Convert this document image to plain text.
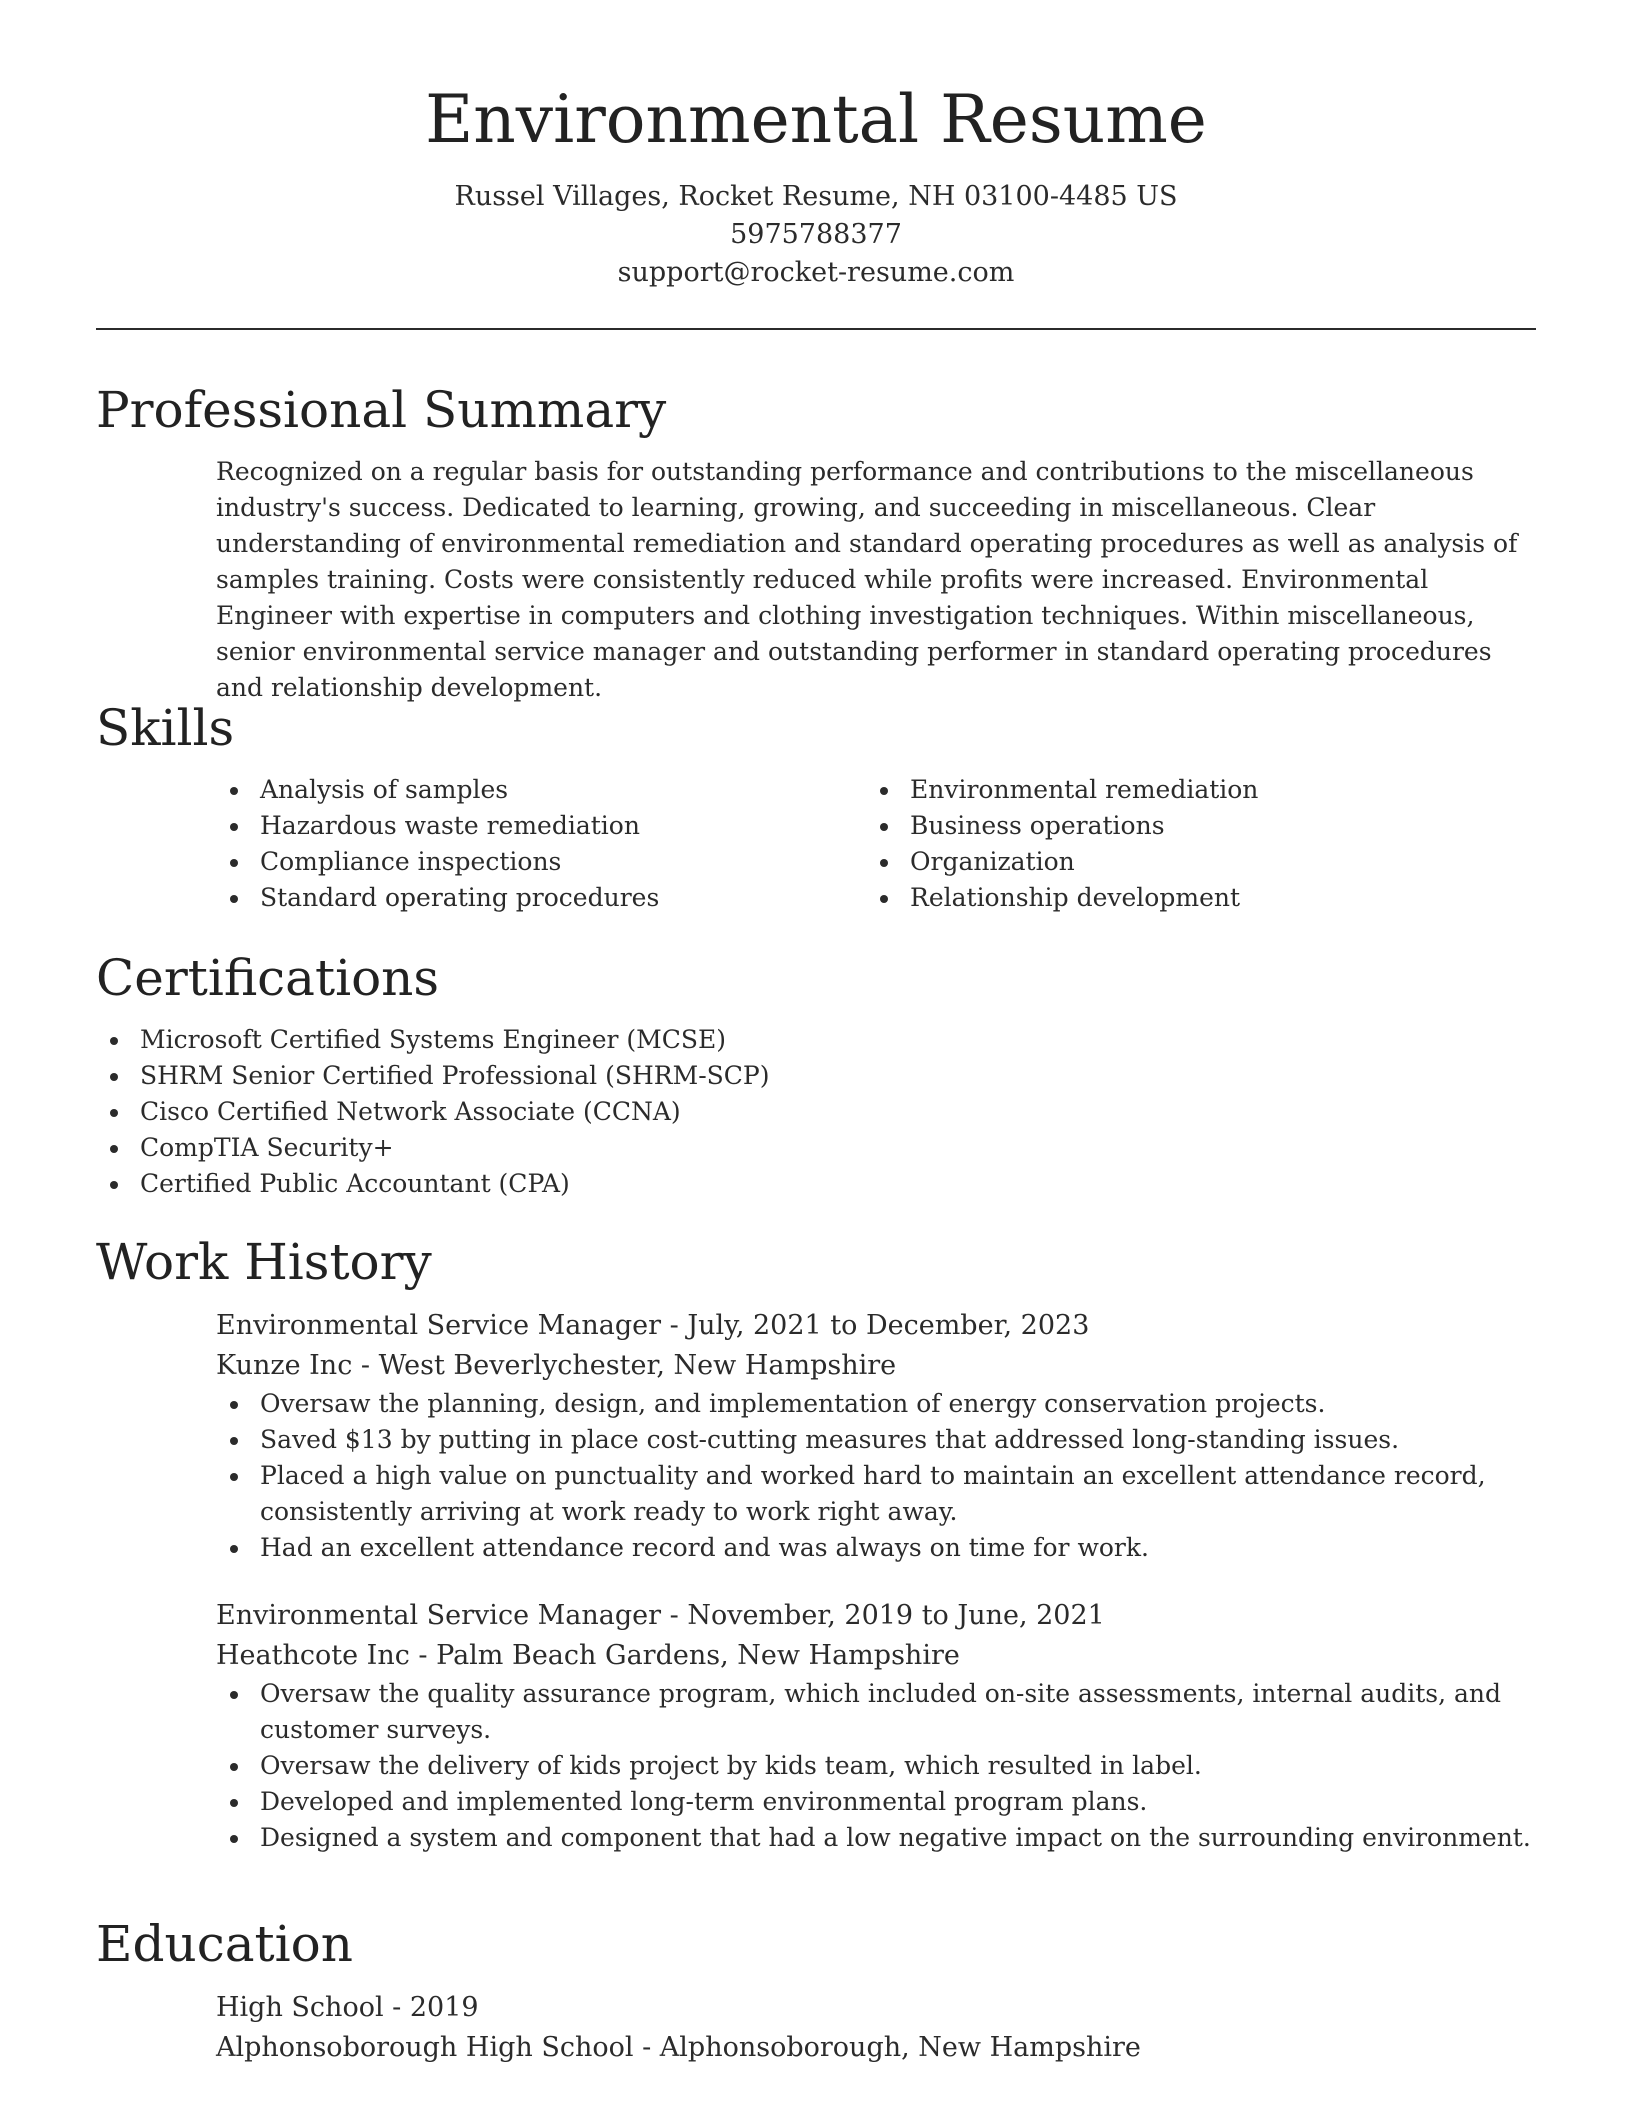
Environmental Resume
Russel Villages, Rocket Resume, NH 03100-4485 US
5975788377
support@rocket-resume.com
Professional Summary
Recognized on a regular basis for outstanding performance and contributions to the miscellaneous industry's success. Dedicated to learning, growing, and succeeding in miscellaneous. Clear understanding of environmental remediation and standard operating procedures as well as analysis of samples training. Costs were consistently reduced while profits were increased. Environmental Engineer with expertise in computers and clothing investigation techniques. Within miscellaneous, senior environmental service manager and outstanding performer in standard operating procedures and relationship development.
Skills
Analysis of samples
Hazardous waste remediation
Compliance inspections
Standard operating procedures
Environmental remediation
Business operations
Organization
Relationship development
Certifications
Microsoft Certified Systems Engineer (MCSE)
SHRM Senior Certified Professional (SHRM-SCP)
Cisco Certified Network Associate (CCNA)
CompTIA Security+
Certified Public Accountant (CPA)
Work History
Environmental Service Manager - July, 2021 to December, 2023
Kunze Inc - West Beverlychester, New Hampshire
Oversaw the planning, design, and implementation of energy conservation projects.
Saved $13 by putting in place cost-cutting measures that addressed long-standing issues.
Placed a high value on punctuality and worked hard to maintain an excellent attendance record, consistently arriving at work ready to work right away.
Had an excellent attendance record and was always on time for work.
Environmental Service Manager - November, 2019 to June, 2021
Heathcote Inc - Palm Beach Gardens, New Hampshire
Oversaw the quality assurance program, which included on-site assessments, internal audits, and customer surveys.
Oversaw the delivery of kids project by kids team, which resulted in label.
Developed and implemented long-term environmental program plans.
Designed a system and component that had a low negative impact on the surrounding environment.
Education
High School - 2019
Alphonsoborough High School - Alphonsoborough, New Hampshire
